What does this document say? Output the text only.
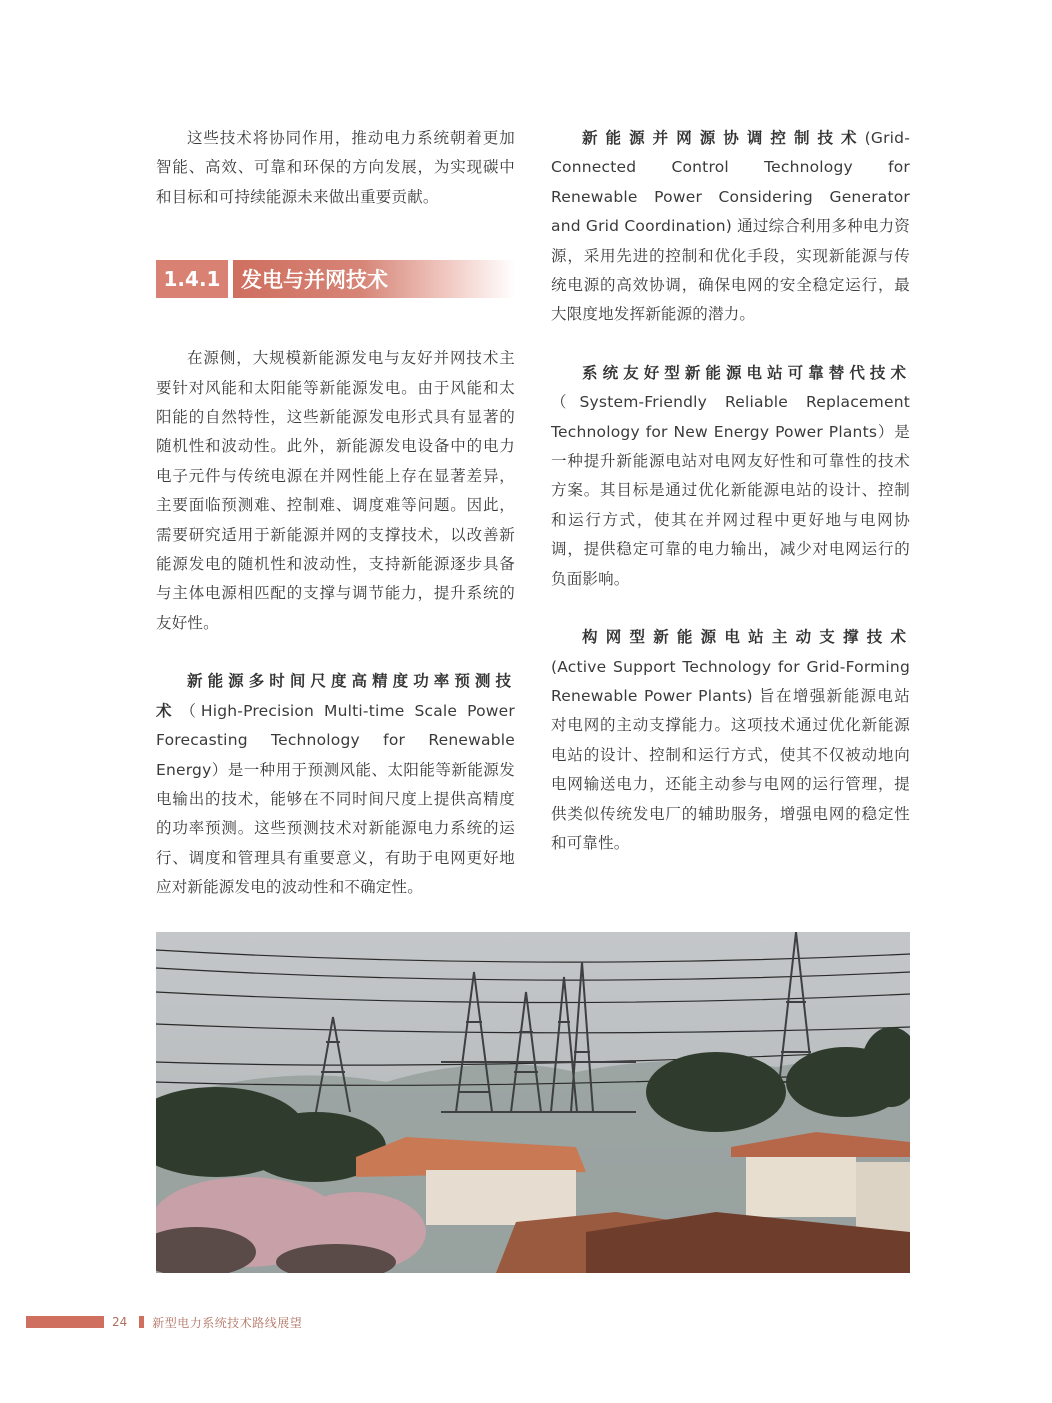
这些技术将协同作用，推动电力系统朝着更加智能、高效、可靠和环保的方向发展，为实现碳中和目标和可持续能源未来做出重要贡献。

1.4.1 发电与并网技术

在源侧，大规模新能源发电与友好并网技术主要针对风能和太阳能等新能源发电。由于风能和太阳能的自然特性，这些新能源发电形式具有显著的随机性和波动性。此外，新能源发电设备中的电力电子元件与传统电源在并网性能上存在显著差异，主要面临预测难、控制难、调度难等问题。因此，需要研究适用于新能源并网的支撑技术，以改善新能源发电的随机性和波动性，支持新能源逐步具备与主体电源相匹配的支撑与调节能力，提升系统的友好性。

新能源多时间尺度高精度功率预测技术（High-Precision Multi-time Scale Power Forecasting Technology for Renewable Energy）是一种用于预测风能、太阳能等新能源发电输出的技术，能够在不同时间尺度上提供高精度的功率预测。这些预测技术对新能源电力系统的运行、调度和管理具有重要意义，有助于电网更好地应对新能源发电的波动性和不确定性。

新能源并网源协调控制技术(Grid-Connected Control Technology for Renewable Power Considering Generator and Grid Coordination) 通过综合利用多种电力资源，采用先进的控制和优化手段，实现新能源与传统电源的高效协调，确保电网的安全稳定运行，最大限度地发挥新能源的潜力。

系统友好型新能源电站可靠替代技术（System-Friendly Reliable Replacement Technology for New Energy Power Plants）是一种提升新能源电站对电网友好性和可靠性的技术方案。其目标是通过优化新能源电站的设计、控制和运行方式，使其在并网过程中更好地与电网协调，提供稳定可靠的电力输出，减少对电网运行的负面影响。

构网型新能源电站主动支撑技术(Active Support Technology for Grid-Forming Renewable Power Plants) 旨在增强新能源电站对电网的主动支撑能力。这项技术通过优化新能源电站的设计、控制和运行方式，使其不仅被动地向电网输送电力，还能主动参与电网的运行管理，提供类似传统发电厂的辅助服务，增强电网的稳定性和可靠性。

24 新型电力系统技术路线展望
